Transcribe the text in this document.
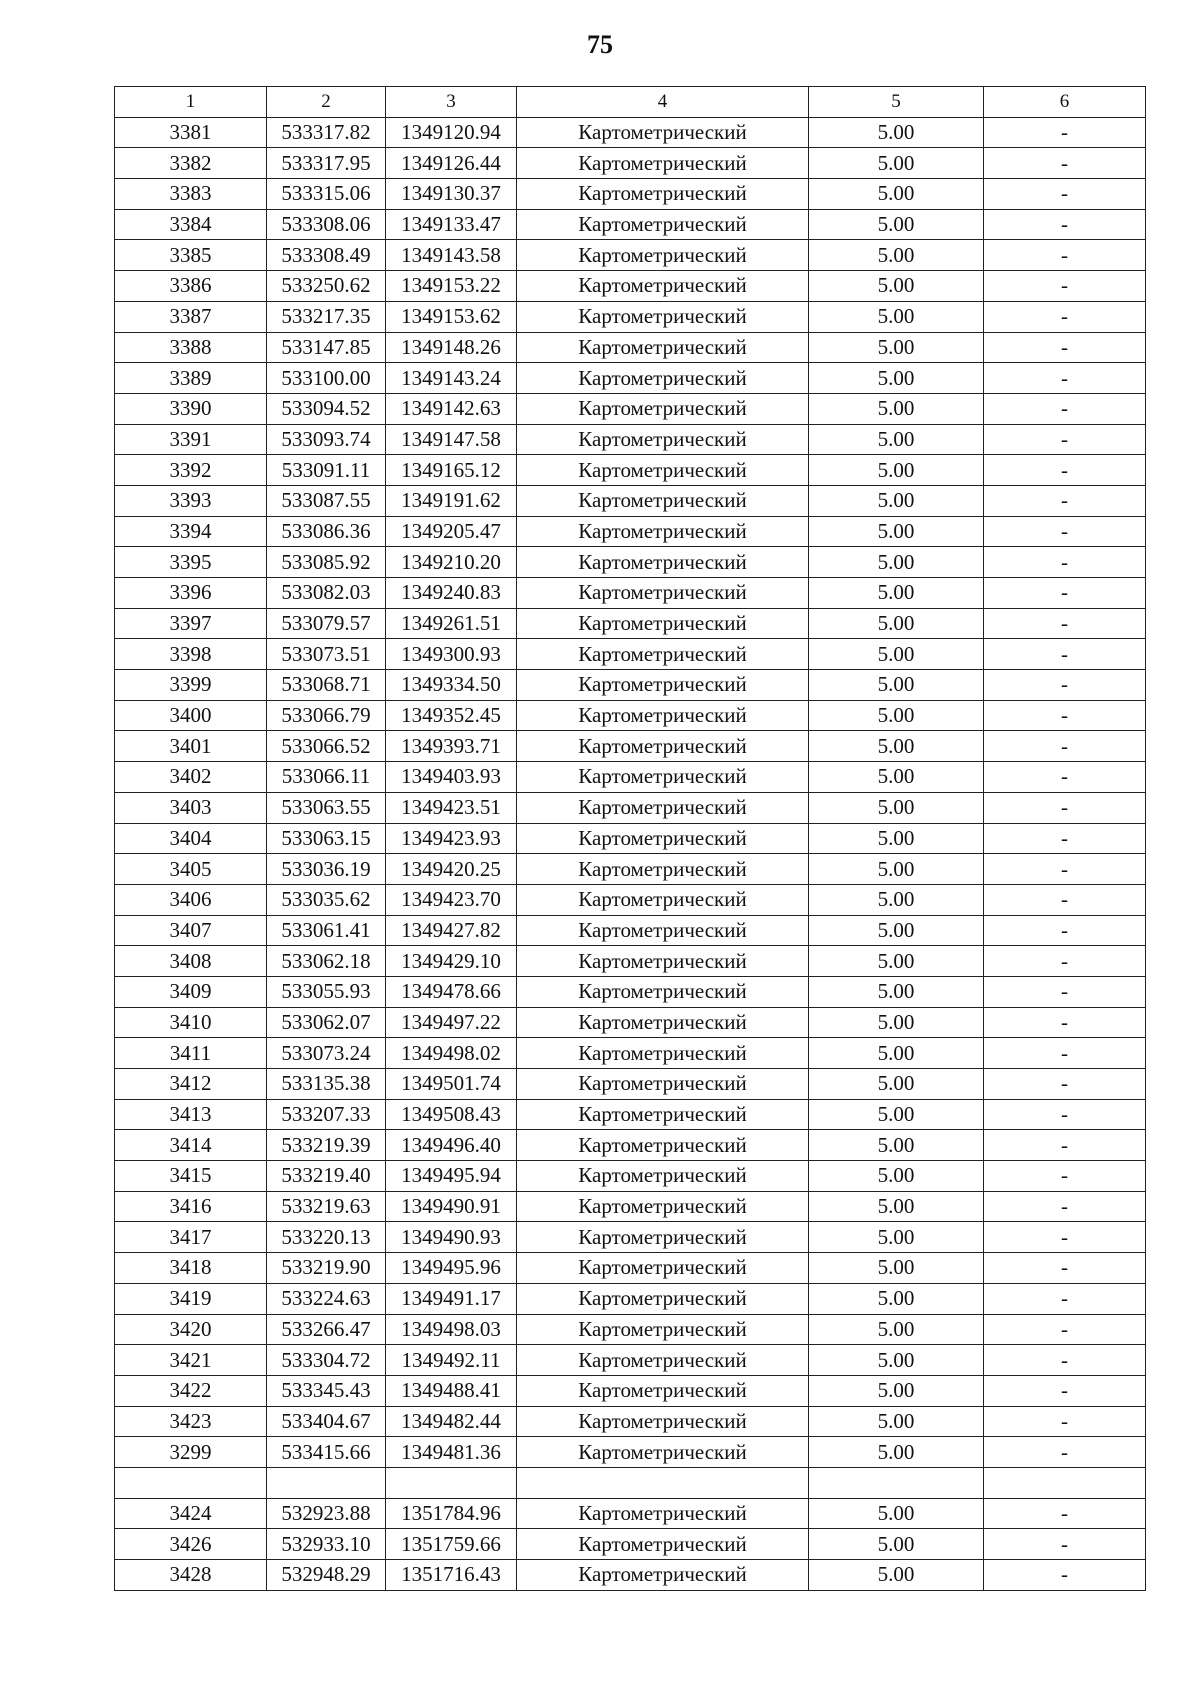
75
1	2	3	4	5	6
3381	533317.82	1349120.94	Картометрический	5.00	-
3382	533317.95	1349126.44	Картометрический	5.00	-
3383	533315.06	1349130.37	Картометрический	5.00	-
3384	533308.06	1349133.47	Картометрический	5.00	-
3385	533308.49	1349143.58	Картометрический	5.00	-
3386	533250.62	1349153.22	Картометрический	5.00	-
3387	533217.35	1349153.62	Картометрический	5.00	-
3388	533147.85	1349148.26	Картометрический	5.00	-
3389	533100.00	1349143.24	Картометрический	5.00	-
3390	533094.52	1349142.63	Картометрический	5.00	-
3391	533093.74	1349147.58	Картометрический	5.00	-
3392	533091.11	1349165.12	Картометрический	5.00	-
3393	533087.55	1349191.62	Картометрический	5.00	-
3394	533086.36	1349205.47	Картометрический	5.00	-
3395	533085.92	1349210.20	Картометрический	5.00	-
3396	533082.03	1349240.83	Картометрический	5.00	-
3397	533079.57	1349261.51	Картометрический	5.00	-
3398	533073.51	1349300.93	Картометрический	5.00	-
3399	533068.71	1349334.50	Картометрический	5.00	-
3400	533066.79	1349352.45	Картометрический	5.00	-
3401	533066.52	1349393.71	Картометрический	5.00	-
3402	533066.11	1349403.93	Картометрический	5.00	-
3403	533063.55	1349423.51	Картометрический	5.00	-
3404	533063.15	1349423.93	Картометрический	5.00	-
3405	533036.19	1349420.25	Картометрический	5.00	-
3406	533035.62	1349423.70	Картометрический	5.00	-
3407	533061.41	1349427.82	Картометрический	5.00	-
3408	533062.18	1349429.10	Картометрический	5.00	-
3409	533055.93	1349478.66	Картометрический	5.00	-
3410	533062.07	1349497.22	Картометрический	5.00	-
3411	533073.24	1349498.02	Картометрический	5.00	-
3412	533135.38	1349501.74	Картометрический	5.00	-
3413	533207.33	1349508.43	Картометрический	5.00	-
3414	533219.39	1349496.40	Картометрический	5.00	-
3415	533219.40	1349495.94	Картометрический	5.00	-
3416	533219.63	1349490.91	Картометрический	5.00	-
3417	533220.13	1349490.93	Картометрический	5.00	-
3418	533219.90	1349495.96	Картометрический	5.00	-
3419	533224.63	1349491.17	Картометрический	5.00	-
3420	533266.47	1349498.03	Картометрический	5.00	-
3421	533304.72	1349492.11	Картометрический	5.00	-
3422	533345.43	1349488.41	Картометрический	5.00	-
3423	533404.67	1349482.44	Картометрический	5.00	-
3299	533415.66	1349481.36	Картометрический	5.00	-

3424	532923.88	1351784.96	Картометрический	5.00	-
3426	532933.10	1351759.66	Картометрический	5.00	-
3428	532948.29	1351716.43	Картометрический	5.00	-
